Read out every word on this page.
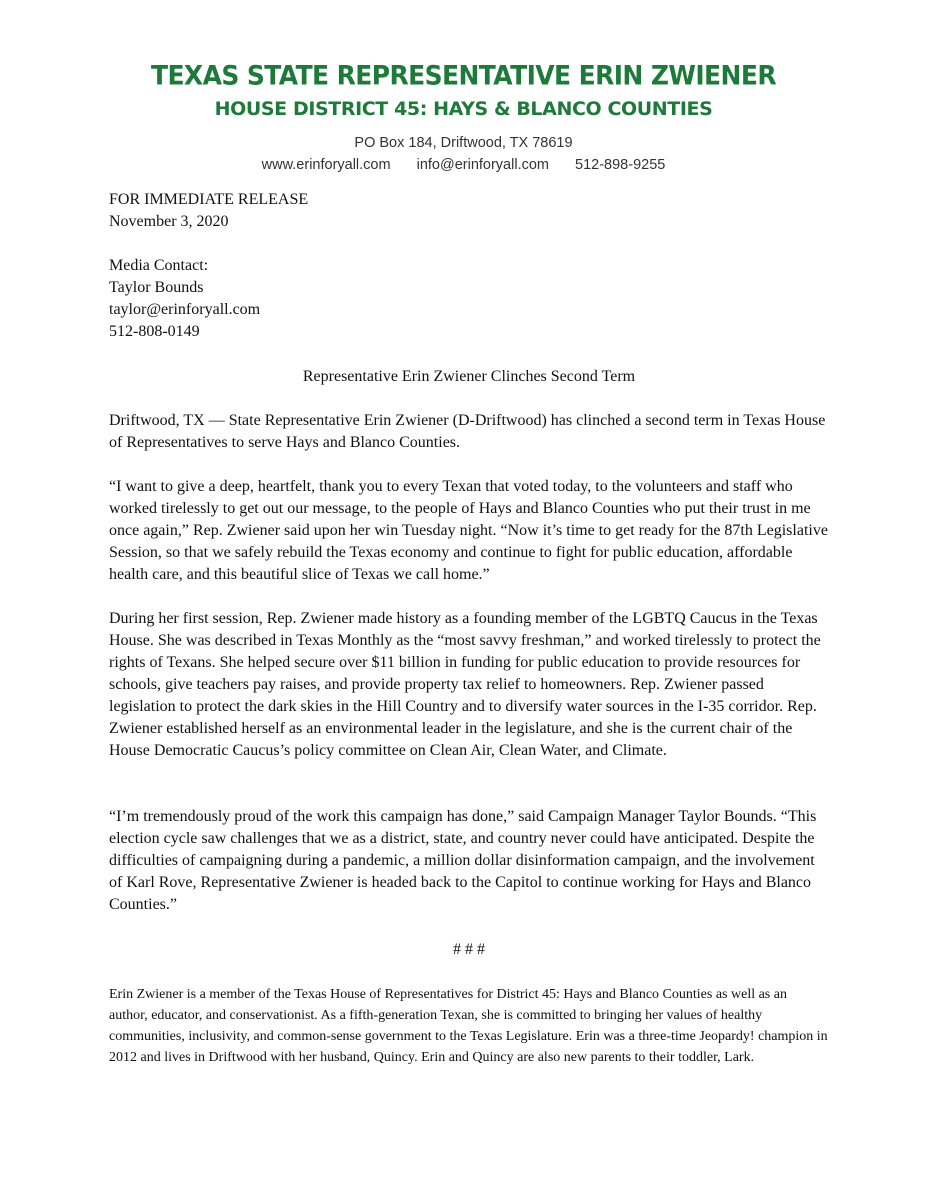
TEXAS STATE REPRESENTATIVE ERIN ZWIENER
HOUSE DISTRICT 45: HAYS & BLANCO COUNTIES
PO Box 184, Driftwood, TX 78619
www.erinforyall.com info@erinforyall.com 512-898-9255
FOR IMMEDIATE RELEASE
November 3, 2020
Media Contact:
Taylor Bounds
taylor@erinforyall.com
512-808-0149
Representative Erin Zwiener Clinches Second Term

Driftwood, TX — State Representative Erin Zwiener (D-Driftwood) has clinched a second term in Texas House of Representatives to serve Hays and Blanco Counties.

“I want to give a deep, heartfelt, thank you to every Texan that voted today, to the volunteers and staff who worked tirelessly to get out our message, to the people of Hays and Blanco Counties who put their trust in me once again,” Rep. Zwiener said upon her win Tuesday night. “Now it’s time to get ready for the 87th Legislative Session, so that we safely rebuild the Texas economy and continue to fight for public education, affordable health care, and this beautiful slice of Texas we call home.”

During her first session, Rep. Zwiener made history as a founding member of the LGBTQ Caucus in the Texas House. She was described in Texas Monthly as the “most savvy freshman,” and worked tirelessly to protect the rights of Texans. She helped secure over $11 billion in funding for public education to provide resources for schools, give teachers pay raises, and provide property tax relief to homeowners. Rep. Zwiener passed legislation to protect the dark skies in the Hill Country and to diversify water sources in the I-35 corridor. Rep. Zwiener established herself as an environmental leader in the legislature, and she is the current chair of the House Democratic Caucus’s policy committee on Clean Air, Clean Water, and Climate.

“I’m tremendously proud of the work this campaign has done,” said Campaign Manager Taylor Bounds. “This election cycle saw challenges that we as a district, state, and country never could have anticipated. Despite the difficulties of campaigning during a pandemic, a million dollar disinformation campaign, and the involvement of Karl Rove, Representative Zwiener is headed back to the Capitol to continue working for Hays and Blanco Counties.”

# # #

Erin Zwiener is a member of the Texas House of Representatives for District 45: Hays and Blanco Counties as well as an author, educator, and conservationist. As a fifth-generation Texan, she is committed to bringing her values of healthy communities, inclusivity, and common-sense government to the Texas Legislature. Erin was a three-time Jeopardy! champion in 2012 and lives in Driftwood with her husband, Quincy. Erin and Quincy are also new parents to their toddler, Lark.
